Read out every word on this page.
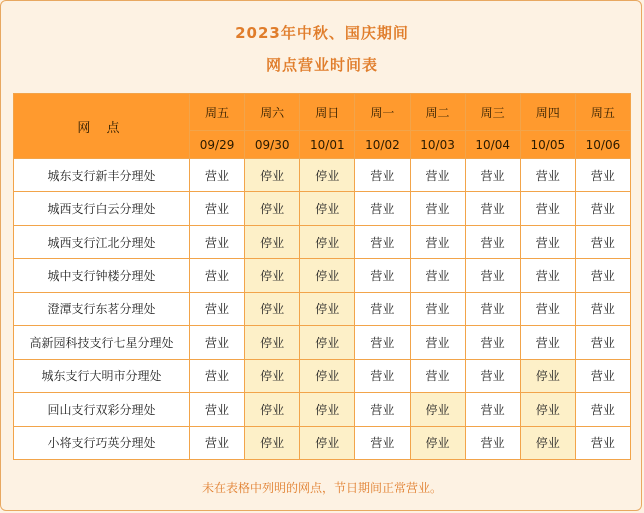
2023年中秋、国庆期间
网点营业时间表
网 点	周五	周六	周日	周一	周二	周三	周四	周五
	09/29	09/30	10/01	10/02	10/03	10/04	10/05	10/06
城东支行新丰分理处	营业	停业	停业	营业	营业	营业	营业	营业
城西支行白云分理处	营业	停业	停业	营业	营业	营业	营业	营业
城西支行江北分理处	营业	停业	停业	营业	营业	营业	营业	营业
城中支行钟楼分理处	营业	停业	停业	营业	营业	营业	营业	营业
澄潭支行东茗分理处	营业	停业	停业	营业	营业	营业	营业	营业
高新园科技支行七星分理处	营业	停业	停业	营业	营业	营业	营业	营业
城东支行大明市分理处	营业	停业	停业	营业	营业	营业	停业	营业
回山支行双彩分理处	营业	停业	停业	营业	停业	营业	停业	营业
小将支行巧英分理处	营业	停业	停业	营业	停业	营业	停业	营业
未在表格中列明的网点，节日期间正常营业。
